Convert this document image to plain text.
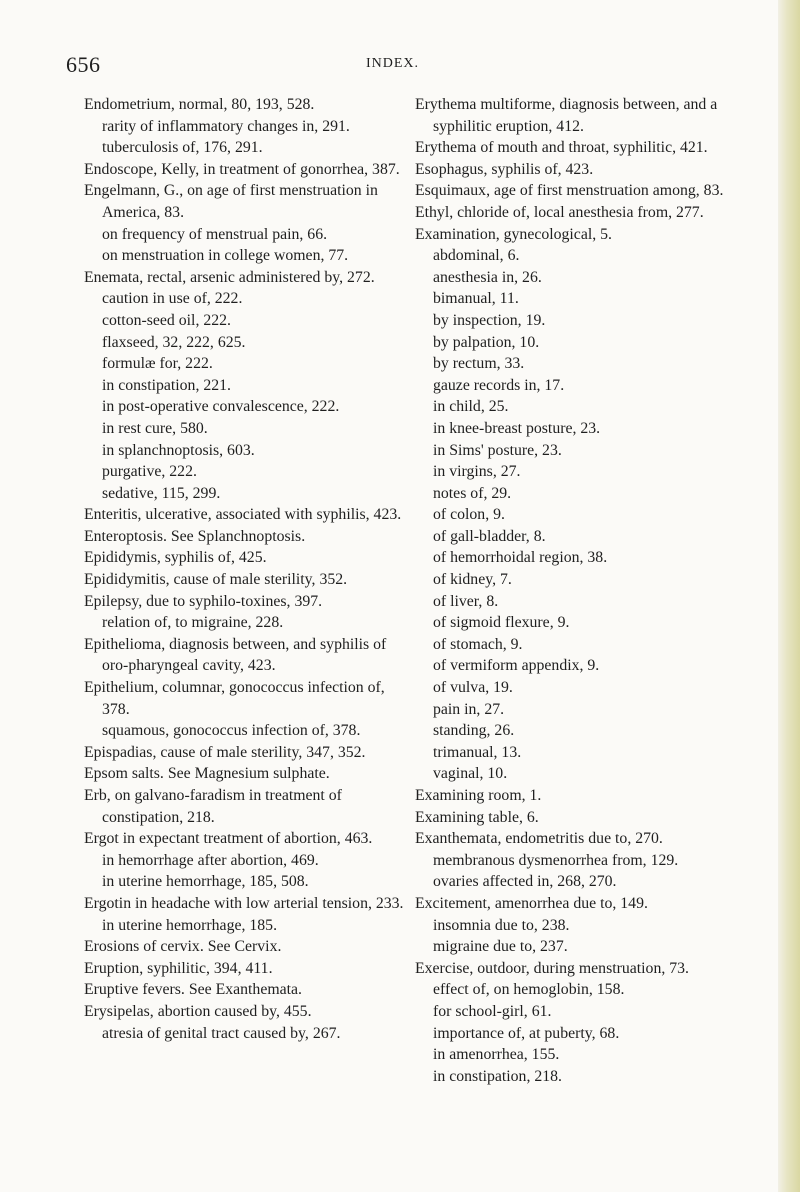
656	INDEX.

Endometrium, normal, 80, 193, 528.

rarity of inflammatory changes in, 291.

tuberculosis of, 176, 291.

Endoscope, Kelly, in treatment of gonorrhea, 387.

Engelmann, G., on age of first menstruation in America, 83.

on frequency of menstrual pain, 66.

on menstruation in college women, 77.

Enemata, rectal, arsenic administered by, 272.

caution in use of, 222.

cotton-seed oil, 222.

flaxseed, 32, 222, 625.

formulæ for, 222.

in constipation, 221.

in post-operative convalescence, 222.

in rest cure, 580.

in splanchnoptosis, 603.

purgative, 222.

sedative, 115, 299.

Enteritis, ulcerative, associated with syphilis, 423.

Enteroptosis. See Splanchnoptosis.

Epididymis, syphilis of, 425.

Epididymitis, cause of male sterility, 352.

Epilepsy, due to syphilo-toxines, 397.

relation of, to migraine, 228.

Epithelioma, diagnosis between, and syphilis of oro-pharyngeal cavity, 423.

Epithelium, columnar, gonococcus infection of, 378.

squamous, gonococcus infection of, 378.

Epispadias, cause of male sterility, 347, 352.

Epsom salts. See Magnesium sulphate.

Erb, on galvano-faradism in treatment of constipation, 218.

Ergot in expectant treatment of abortion, 463.

in hemorrhage after abortion, 469.

in uterine hemorrhage, 185, 508.

Ergotin in headache with low arterial tension, 233.

in uterine hemorrhage, 185.

Erosions of cervix. See Cervix.

Eruption, syphilitic, 394, 411.

Eruptive fevers. See Exanthemata.

Erysipelas, abortion caused by, 455.

atresia of genital tract caused by, 267.

Erythema multiforme, diagnosis between, and a syphilitic eruption, 412.

Erythema of mouth and throat, syphilitic, 421.

Esophagus, syphilis of, 423.

Esquimaux, age of first menstruation among, 83.

Ethyl, chloride of, local anesthesia from, 277.

Examination, gynecological, 5.

abdominal, 6.

anesthesia in, 26.

bimanual, 11.

by inspection, 19.

by palpation, 10.

by rectum, 33.

gauze records in, 17.

in child, 25.

in knee-breast posture, 23.

in Sims' posture, 23.

in virgins, 27.

notes of, 29.

of colon, 9.

of gall-bladder, 8.

of hemorrhoidal region, 38.

of kidney, 7.

of liver, 8.

of sigmoid flexure, 9.

of stomach, 9.

of vermiform appendix, 9.

of vulva, 19.

pain in, 27.

standing, 26.

trimanual, 13.

vaginal, 10.

Examining room, 1.

Examining table, 6.

Exanthemata, endometritis due to, 270.

membranous dysmenorrhea from, 129.

ovaries affected in, 268, 270.

Excitement, amenorrhea due to, 149.

insomnia due to, 238.

migraine due to, 237.

Exercise, outdoor, during menstruation, 73.

effect of, on hemoglobin, 158.

for school-girl, 61.

importance of, at puberty, 68.

in amenorrhea, 155.

in constipation, 218.
